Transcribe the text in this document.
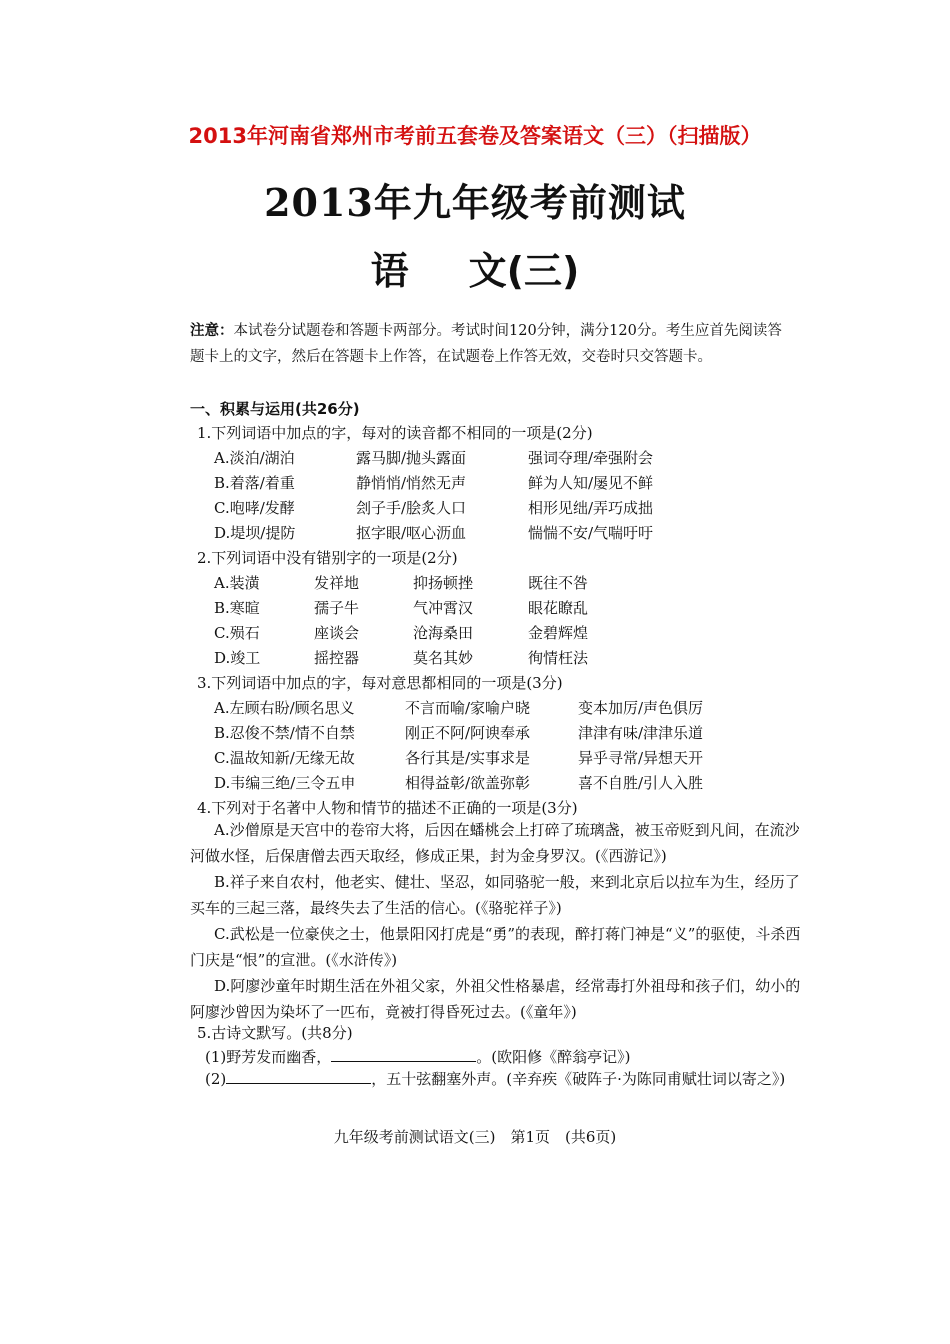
2013年河南省郑州市考前五套卷及答案语文（三）（扫描版）
2013年九年级考前测试
语 文(三)
注意：本试卷分试题卷和答题卡两部分。考试时间120分钟，满分120分。考生应首先阅读答题卡上的文字，然后在答题卡上作答，在试题卷上作答无效，交卷时只交答题卡。
一、积累与运用(共26分)
1.下列词语中加点的字，每对的读音都不相同的一项是(2分)
A.淡泊/湖泊	露马脚/抛头露面	强词夺理/牵强附会
B.着落/着重	静悄悄/悄然无声	鲜为人知/屡见不鲜
C.咆哮/发酵	刽子手/脍炙人口	相形见绌/弄巧成拙
D.堤坝/提防	抠字眼/呕心沥血	惴惴不安/气喘吁吁
2.下列词语中没有错别字的一项是(2分)
A.装潢	发祥地	抑扬顿挫	既往不咎
B.寒暄	孺子牛	气冲霄汉	眼花瞭乱
C.殒石	座谈会	沧海桑田	金碧辉煌
D.竣工	摇控器	莫名其妙	徇情枉法
3.下列词语中加点的字，每对意思都相同的一项是(3分)
A.左顾右盼/顾名思义	不言而喻/家喻户晓	变本加厉/声色俱厉
B.忍俊不禁/情不自禁	刚正不阿/阿谀奉承	津津有味/津津乐道
C.温故知新/无缘无故	各行其是/实事求是	异乎寻常/异想天开
D.韦编三绝/三令五申	相得益彰/欲盖弥彰	喜不自胜/引人入胜
4.下列对于名著中人物和情节的描述不正确的一项是(3分)
A.沙僧原是天宫中的卷帘大将，后因在蟠桃会上打碎了琉璃盏，被玉帝贬到凡间，在流沙河做水怪，后保唐僧去西天取经，修成正果，封为金身罗汉。(《西游记》)
B.祥子来自农村，他老实、健壮、坚忍，如同骆驼一般，来到北京后以拉车为生，经历了买车的三起三落，最终失去了生活的信心。(《骆驼祥子》)
C.武松是一位豪侠之士，他景阳冈打虎是“勇”的表现，醉打蒋门神是“义”的驱使，斗杀西门庆是“恨”的宣泄。(《水浒传》)
D.阿廖沙童年时期生活在外祖父家，外祖父性格暴虐，经常毒打外祖母和孩子们，幼小的阿廖沙曾因为染坏了一匹布，竟被打得昏死过去。(《童年》)
5.古诗文默写。(共8分)
(1)野芳发而幽香，	。(欧阳修《醉翁亭记》)
(2)	，五十弦翻塞外声。(辛弃疾《破阵子·为陈同甫赋壮词以寄之》)
九年级考前测试语文(三)　第1页　(共6页)
